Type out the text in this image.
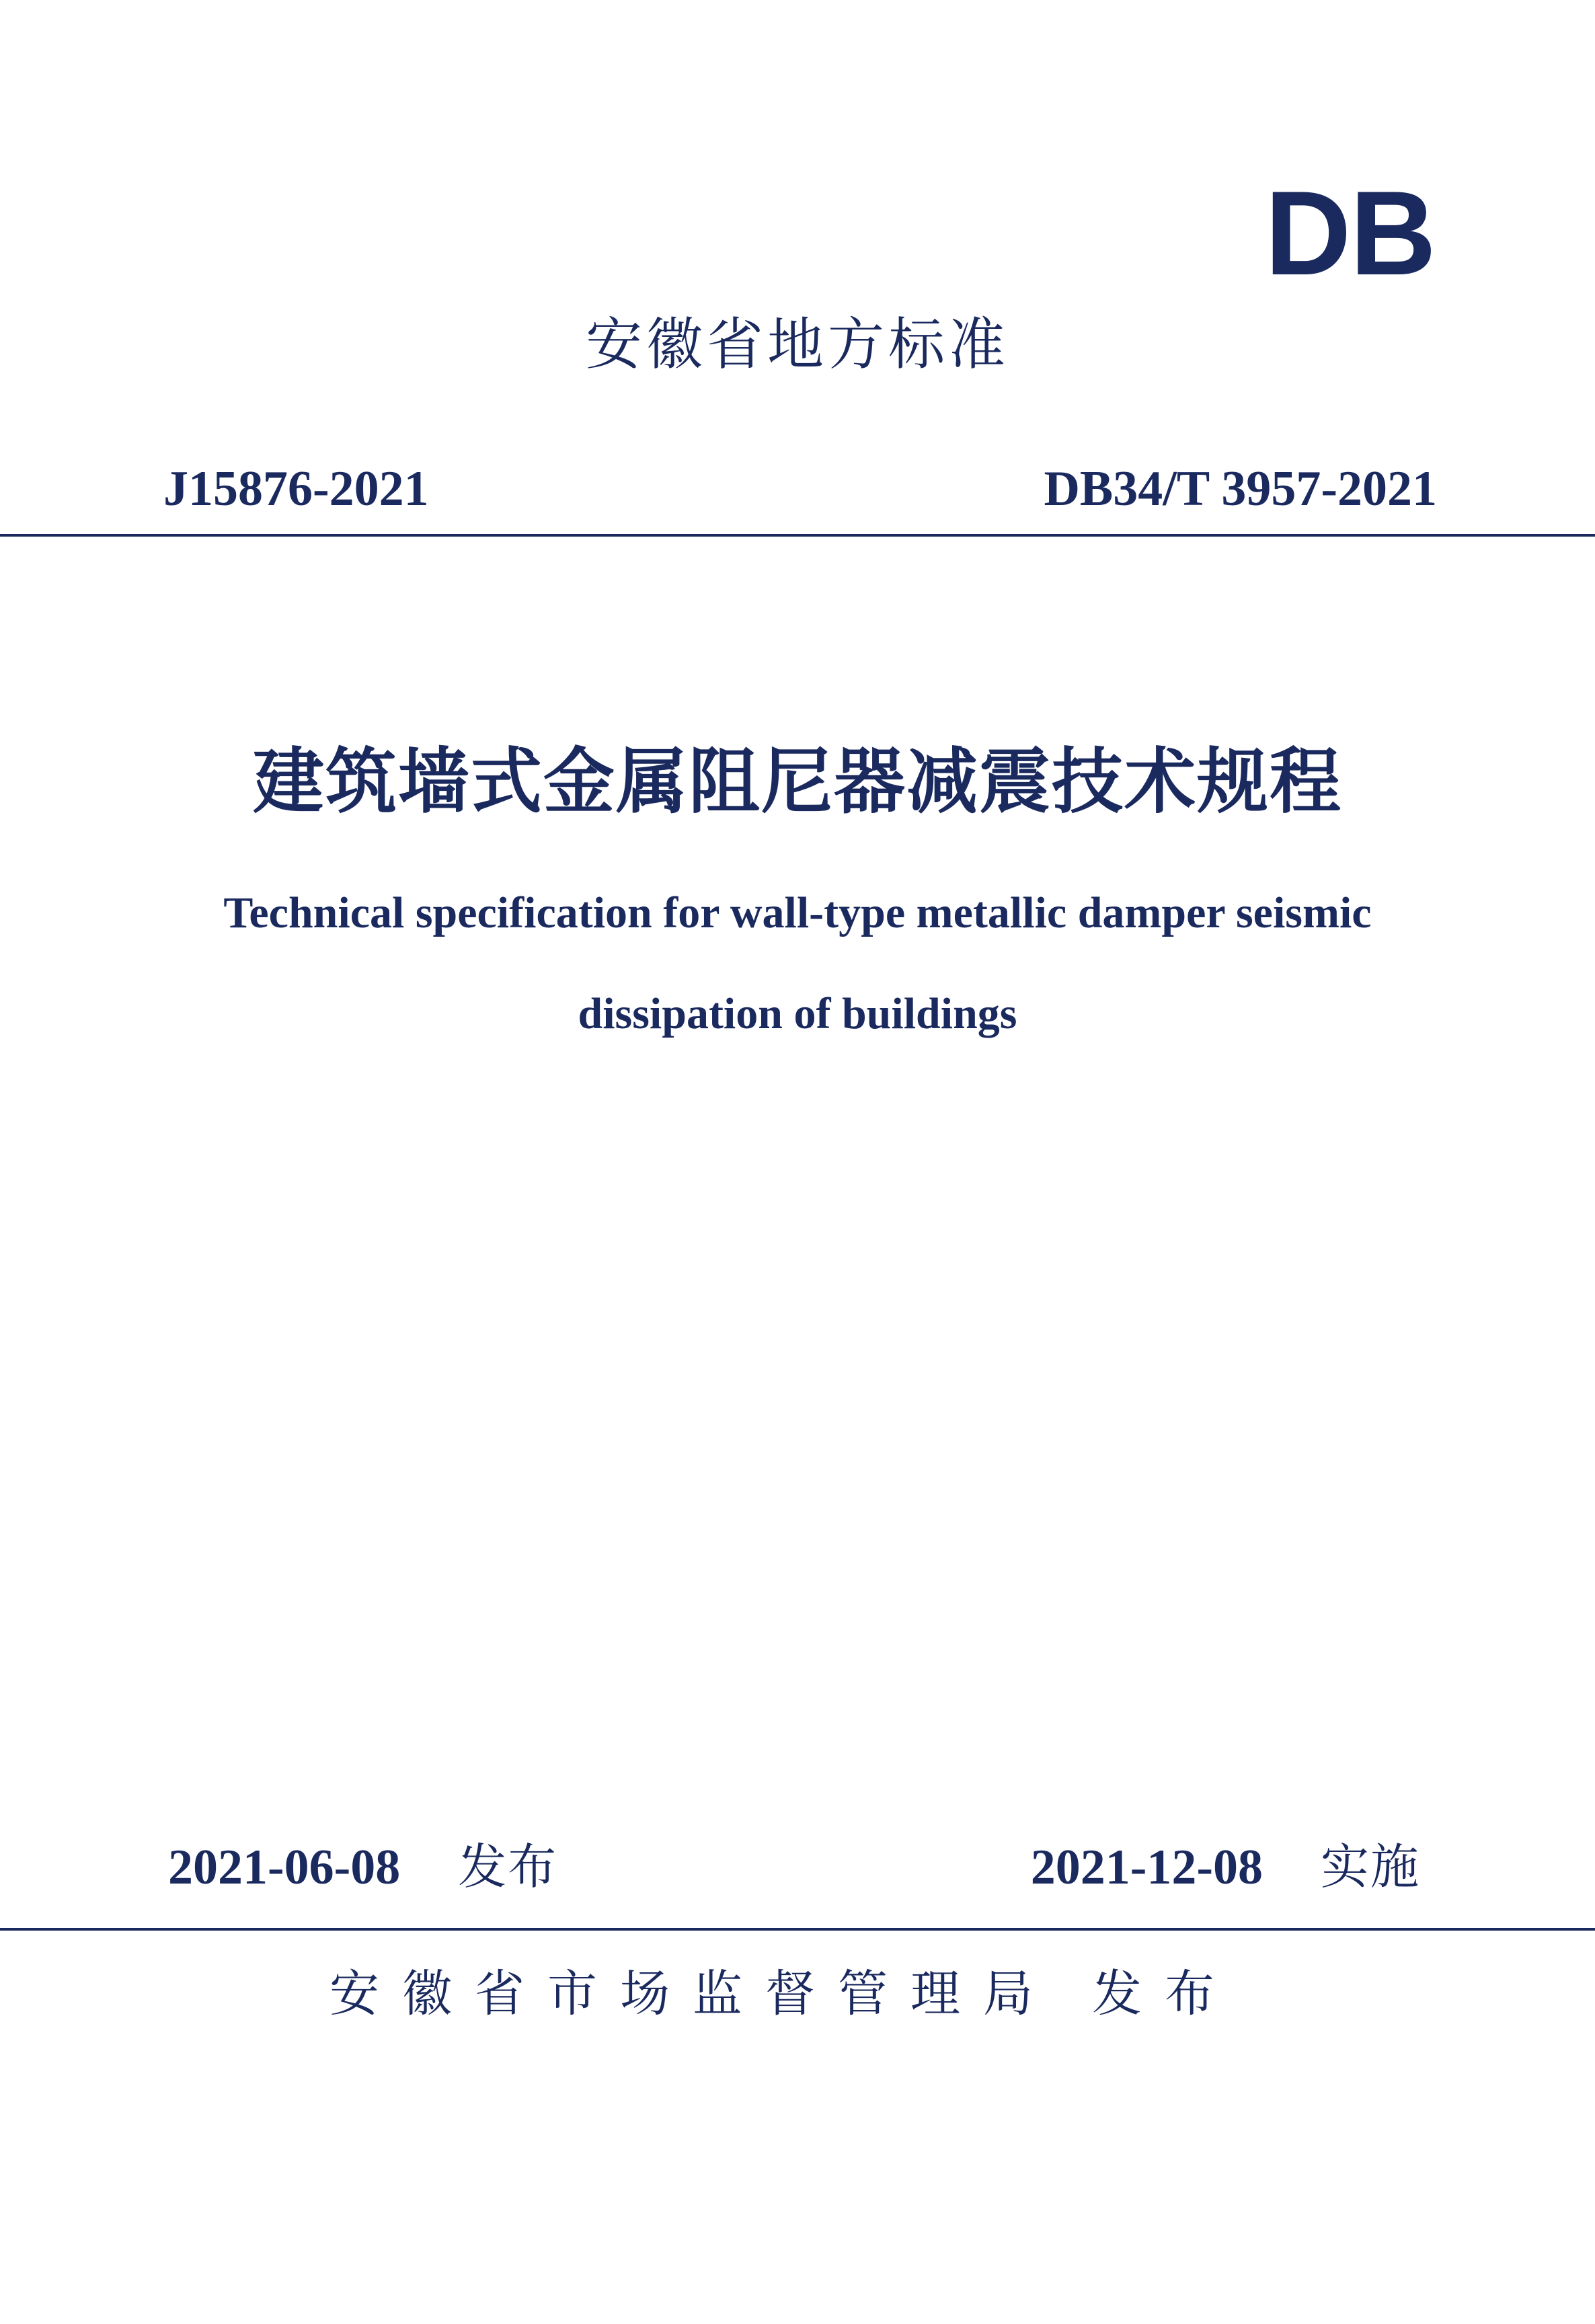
DB
安徽省地方标准
J15876-2021	DB34/T 3957-2021
建筑墙式金属阻尼器减震技术规程
Technical specification for wall-type metallic damper seismic
dissipation of buildings
2021-06-08 发布	2021-12-08 实施
安徽省市场监督管理局 发布
